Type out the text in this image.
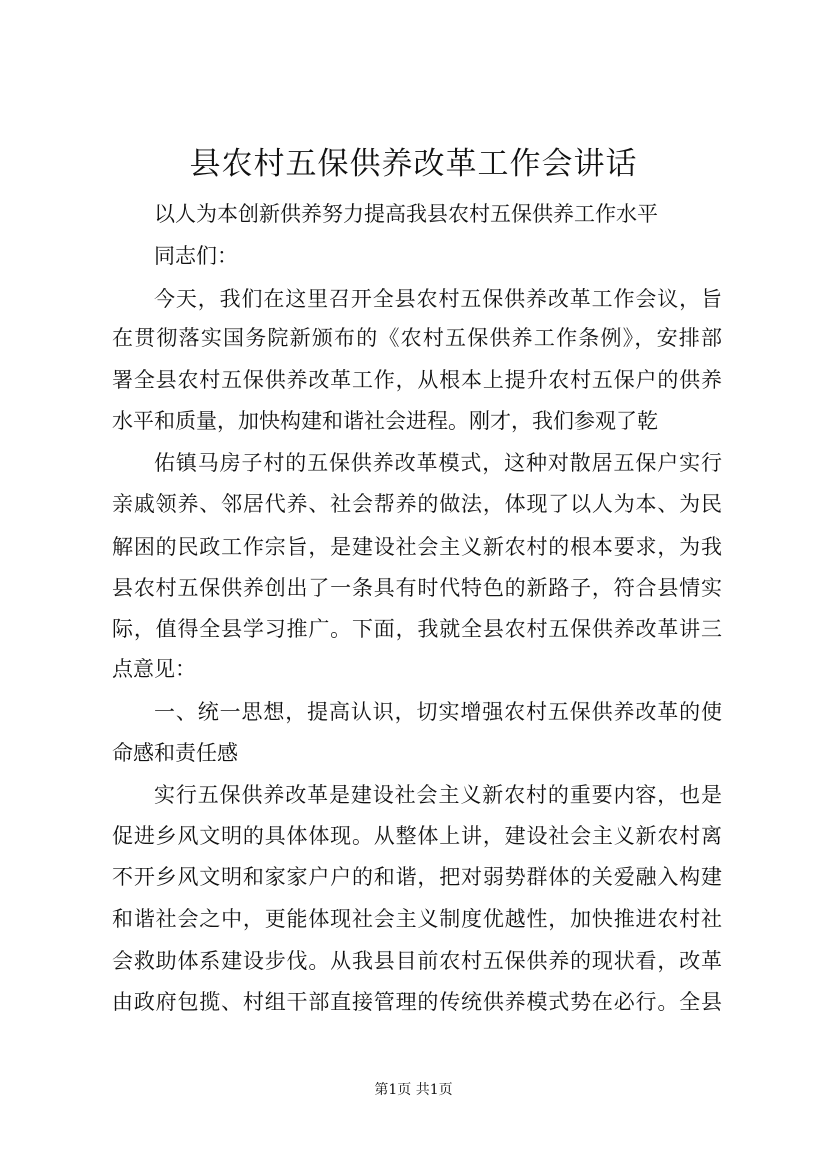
县农村五保供养改革工作会讲话
以人为本创新供养努力提高我县农村五保供养工作水平
同志们：
今天，我们在这里召开全县农村五保供养改革工作会议，旨
在贯彻落实国务院新颁布的《农村五保供养工作条例》，安排部
署全县农村五保供养改革工作，从根本上提升农村五保户的供养
水平和质量，加快构建和谐社会进程。刚才，我们参观了乾
佑镇马房子村的五保供养改革模式，这种对散居五保户实行
亲戚领养、邻居代养、社会帮养的做法，体现了以人为本、为民
解困的民政工作宗旨，是建设社会主义新农村的根本要求，为我
县农村五保供养创出了一条具有时代特色的新路子，符合县情实
际，值得全县学习推广。下面，我就全县农村五保供养改革讲三
点意见：
一、统一思想，提高认识，切实增强农村五保供养改革的使
命感和责任感
实行五保供养改革是建设社会主义新农村的重要内容，也是
促进乡风文明的具体体现。从整体上讲，建设社会主义新农村离
不开乡风文明和家家户户的和谐，把对弱势群体的关爱融入构建
和谐社会之中，更能体现社会主义制度优越性，加快推进农村社
会救助体系建设步伐。从我县目前农村五保供养的现状看，改革
由政府包揽、村组干部直接管理的传统供养模式势在必行。全县
第1页 共1页
